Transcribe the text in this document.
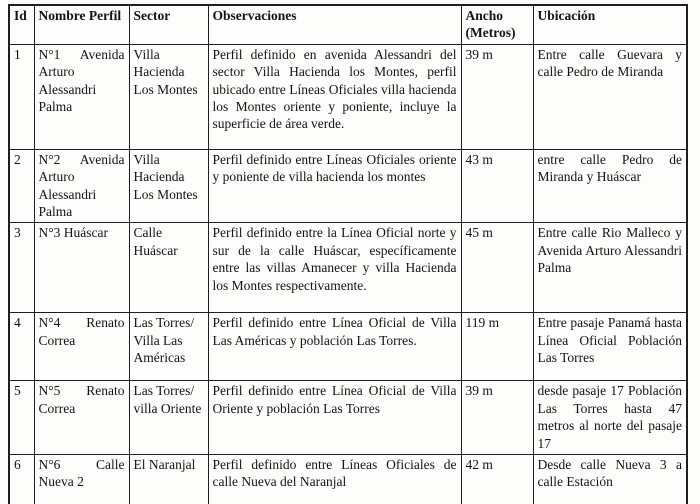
Id	Nombre Perfil	Sector	Observaciones	Ancho (Metros)	Ubicación
1	N°1 Avenida Arturo Alessandri Palma	Villa Hacienda Los Montes	Perfil definido en avenida Alessandri del sector Villa Hacienda los Montes, perfil ubicado entre Líneas Oficiales villa hacienda los Montes oriente y poniente, incluye la superficie de área verde.	39 m	Entre calle Guevara y calle Pedro de Miranda
2	N°2 Avenida Arturo Alessandri Palma	Villa Hacienda Los Montes	Perfil definido entre Líneas Oficiales oriente y poniente de villa hacienda los montes	43 m	entre calle Pedro de Miranda y Huáscar
3	N°3 Huáscar	Calle Huáscar	Perfil definido entre la Línea Oficial norte y sur de la calle Huáscar, específicamente entre las villas Amanecer y villa Hacienda los Montes respectivamente.	45 m	Entre calle Rio Malleco y Avenida Arturo Alessandri Palma
4	N°4 Renato Correa	Las Torres/ Villa Las Américas	Perfil definido entre Línea Oficial de Villa Las Américas y población Las Torres.	119 m	Entre pasaje Panamá hasta Línea Oficial Población Las Torres
5	N°5 Renato Correa	Las Torres/ villa Oriente	Perfil definido entre Línea Oficial de Villa Oriente y población Las Torres	39 m	desde pasaje 17 Población Las Torres hasta 47 metros al norte del pasaje 17
6	N°6 Calle Nueva 2	El Naranjal	Perfil definido entre Líneas Oficiales de calle Nueva del Naranjal	42 m	Desde calle Nueva 3 a calle Estación
